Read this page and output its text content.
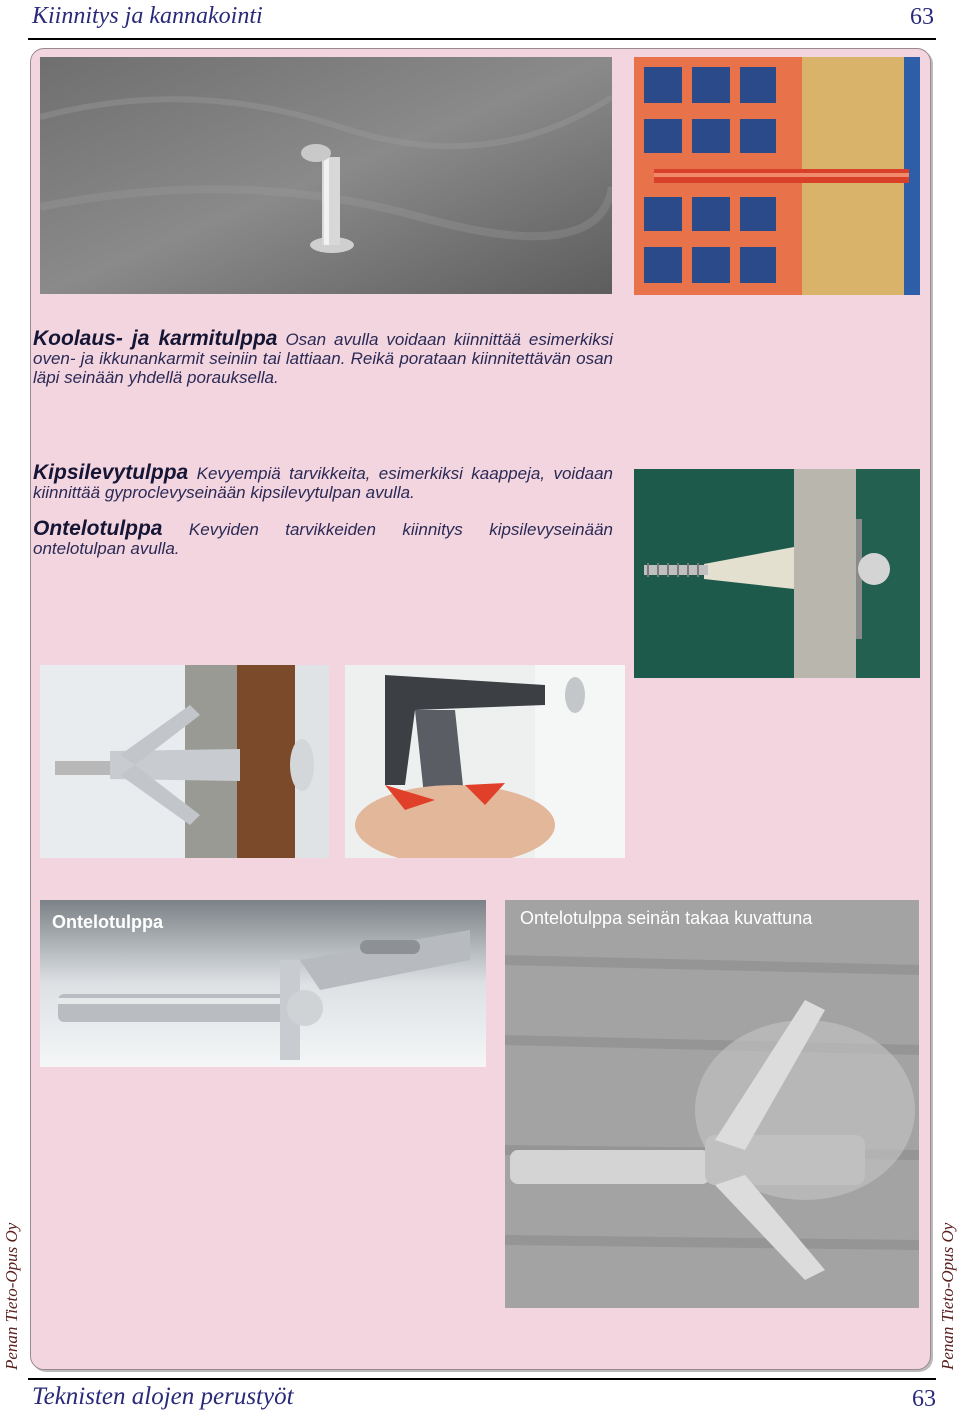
Kiinnitys ja kannakointi	63
Koolaus- ja karmitulppa Osan avulla voidaan kiinnittää esimerkiksi oven- ja ikkunankarmit seiniin tai lattiaan. Reikä porataan kiinnitettävän osan läpi seinään yhdellä porauksella.
Kipsilevytulppa Kevyempiä tarvikkeita, esimerkiksi kaappeja, voidaan kiinnittää gyproclevyseinään kipsilevytulpan avulla.
Ontelotulppa Kevyiden tarvikkeiden kiinnitys kipsilevyseinään ontelotulpan avulla.
Ontelotulppa	Ontelotulppa seinän takaa kuvattuna
Penan Tieto-Opus Oy	Penan Tieto-Opus Oy
Teknisten alojen perustyöt	63
